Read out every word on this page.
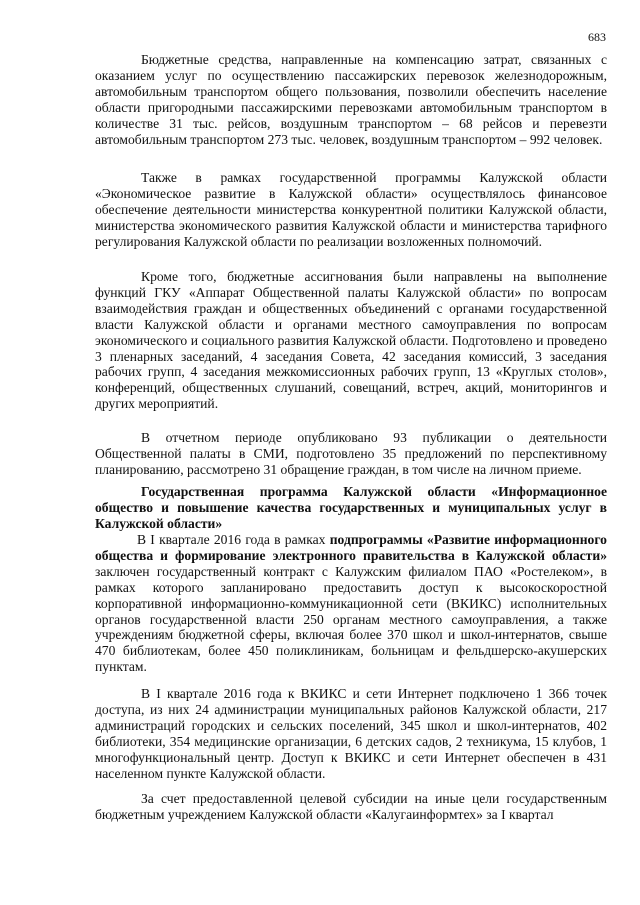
683

Бюджетные средства, направленные на компенсацию затрат, связанных с оказанием услуг по осуществлению пассажирских перевозок железнодорожным, автомобильным транспортом общего пользования, позволили обеспечить население области пригородными пассажирскими перевозками автомобильным транспортом в количестве 31 тыс. рейсов, воздушным транспортом – 68 рейсов и перевезти автомобильным транспортом 273 тыс. человек, воздушным транспортом – 992 человек.

Также в рамках государственной программы Калужской области «Экономическое развитие в Калужской области» осуществлялось финансовое обеспечение деятельности министерства конкурентной политики Калужской области, министерства экономического развития Калужской области и министерства тарифного регулирования Калужской области по реализации возложенных полномочий.

Кроме того, бюджетные ассигнования были направлены на выполнение функций ГКУ «Аппарат Общественной палаты Калужской области» по вопросам взаимодействия граждан и общественных объединений с органами государственной власти Калужской области и органами местного самоуправления по вопросам экономического и социального развития Калужской области. Подготовлено и проведено 3 пленарных заседаний, 4 заседания Совета, 42 заседания комиссий, 3 заседания рабочих групп, 4 заседания межкомиссионных рабочих групп, 13 «Круглых столов», конференций, общественных слушаний, совещаний, встреч, акций, мониторингов и других мероприятий.

В отчетном периоде опубликовано 93 публикации о деятельности Общественной палаты в СМИ, подготовлено 35 предложений по перспективному планированию, рассмотрено 31 обращение граждан, в том числе на личном приеме.

Государственная программа Калужской области «Информационное общество и повышение качества государственных и муниципальных услуг в Калужской области»

В I квартале 2016 года в рамках подпрограммы «Развитие информационного общества и формирование электронного правительства в Калужской области» заключен государственный контракт с Калужским филиалом ПАО «Ростелеком», в рамках которого запланировано предоставить доступ к высокоскоростной корпоративной информационно-коммуникационной сети (ВКИКС) исполнительных органов государственной власти 250 органам местного самоуправления, а также учреждениям бюджетной сферы, включая более 370 школ и школ-интернатов, свыше 470 библиотекам, более 450 поликлиникам, больницам и фельдшерско-акушерских пунктам.

В I квартале 2016 года к ВКИКС и сети Интернет подключено 1 366 точек доступа, из них 24 администрации муниципальных районов Калужской области, 217 администраций городских и сельских поселений, 345 школ и школ-интернатов, 402 библиотеки, 354 медицинские организации, 6 детских садов, 2 техникума, 15 клубов, 1 многофункциональный центр. Доступ к ВКИКС и сети Интернет обеспечен в 431 населенном пункте Калужской области.

За счет предоставленной целевой субсидии на иные цели государственным бюджетным учреждением Калужской области «Калугаинформтех» за I квартал
